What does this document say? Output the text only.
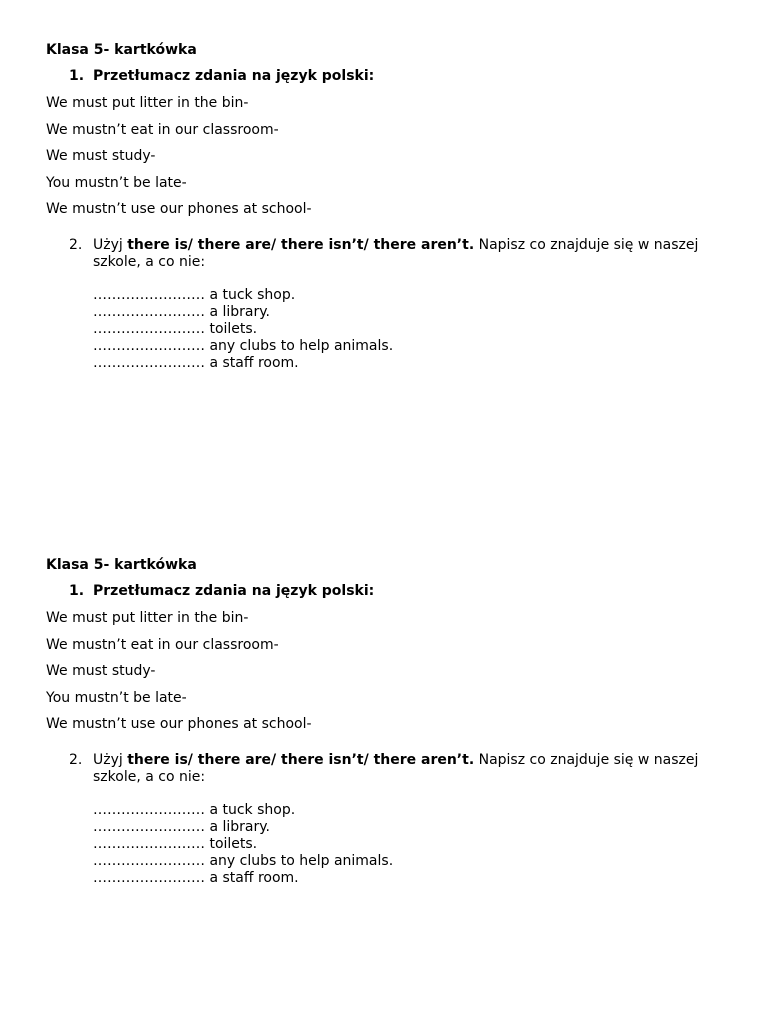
Klasa 5- kartkówka
1. Przetłumacz zdania na język polski:
We must put litter in the bin-
We mustn’t eat in our classroom-
We must study-
You mustn’t be late-
We mustn’t use our phones at school-
2. Użyj there is/ there are/ there isn’t/ there aren’t. Napisz co znajduje się w naszej szkole, a co nie:
…………………… a tuck shop.
…………………… a library.
…………………… toilets.
…………………… any clubs to help animals.
…………………… a staff room.
Klasa 5- kartkówka
1. Przetłumacz zdania na język polski:
We must put litter in the bin-
We mustn’t eat in our classroom-
We must study-
You mustn’t be late-
We mustn’t use our phones at school-
2. Użyj there is/ there are/ there isn’t/ there aren’t. Napisz co znajduje się w naszej szkole, a co nie:
…………………… a tuck shop.
…………………… a library.
…………………… toilets.
…………………… any clubs to help animals.
…………………… a staff room.
